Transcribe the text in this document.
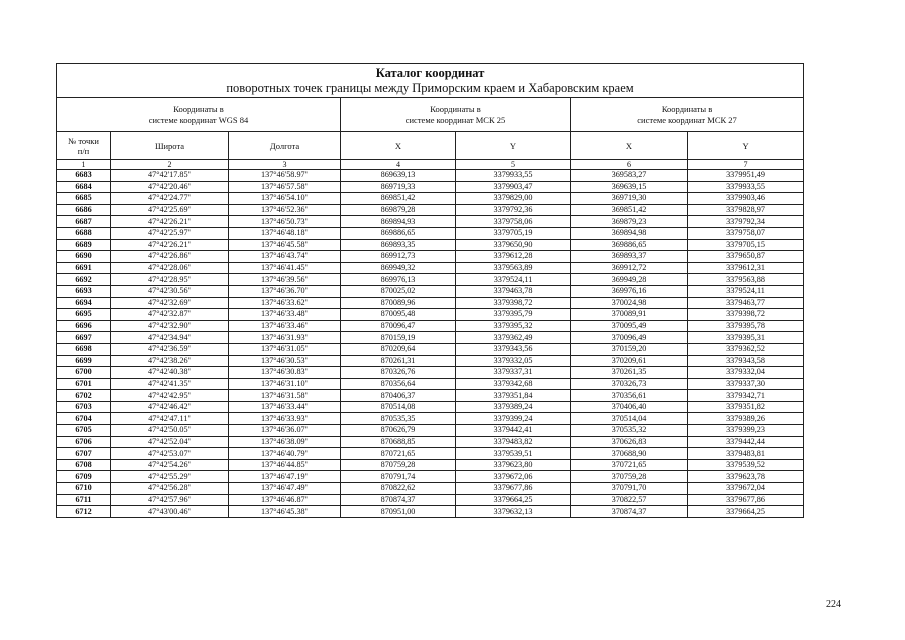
Каталог координат
поворотных точек границы между Приморским краем и Хабаровским краем						

Координаты в
системе координат WGS 84			Координаты в
системе координат МСК 25		Координаты в
системе координат МСК 27	
№ точки
п/п	Широта	Долгота	X	Y	X	Y
1	2	3	4	5	6	7
6683	47°42'17.85"	137°46'58.97"	869639,13	3379933,55	369583,27	3379951,49
6684	47°42'20.46"	137°46'57.58"	869719,33	3379903,47	369639,15	3379933,55
6685	47°42'24.77"	137°46'54.10"	869851,42	3379829,00	369719,30	3379903,46
6686	47°42'25.69"	137°46'52.36"	869879,28	3379792,36	369851,42	3379828,97
6687	47°42'26.21"	137°46'50.73"	869894,93	3379758,06	369879,23	3379792,34
6688	47°42'25.97"	137°46'48.18"	869886,65	3379705,19	369894,98	3379758,07
6689	47°42'26.21"	137°46'45.58"	869893,35	3379650,90	369886,65	3379705,15
6690	47°42'26.86"	137°46'43.74"	869912,73	3379612,28	369893,37	3379650,87
6691	47°42'28.06"	137°46'41.45"	869949,32	3379563,89	369912,72	3379612,31
6692	47°42'28.95"	137°46'39.56"	869976,13	3379524,11	369949,28	3379563,88
6693	47°42'30.56"	137°46'36.70"	870025,02	3379463,78	369976,16	3379524,11
6694	47°42'32.69"	137°46'33.62"	870089,96	3379398,72	370024,98	3379463,77
6695	47°42'32.87"	137°46'33.48"	870095,48	3379395,79	370089,91	3379398,72
6696	47°42'32.90"	137°46'33.46"	870096,47	3379395,32	370095,49	3379395,78
6697	47°42'34.94"	137°46'31.93"	870159,19	3379362,49	370096,49	3379395,31
6698	47°42'36.59"	137°46'31.05"	870209,64	3379343,56	370159,20	3379362,52
6699	47°42'38.26"	137°46'30.53"	870261,31	3379332,05	370209,61	3379343,58
6700	47°42'40.38"	137°46'30.83"	870326,76	3379337,31	370261,35	3379332,04
6701	47°42'41.35"	137°46'31.10"	870356,64	3379342,68	370326,73	3379337,30
6702	47°42'42.95"	137°46'31.58"	870406,37	3379351,84	370356,61	3379342,71
6703	47°42'46.42"	137°46'33.44"	870514,08	3379389,24	370406,40	3379351,82
6704	47°42'47.11"	137°46'33.93"	870535,35	3379399,24	370514,04	3379389,26
6705	47°42'50.05"	137°46'36.07"	870626,79	3379442,41	370535,32	3379399,23
6706	47°42'52.04"	137°46'38.09"	870688,85	3379483,82	370626,83	3379442,44
6707	47°42'53.07"	137°46'40.79"	870721,65	3379539,51	370688,90	3379483,81
6708	47°42'54.26"	137°46'44.85"	870759,28	3379623,80	370721,65	3379539,52
6709	47°42'55.29"	137°46'47.19"	870791,74	3379672,06	370759,28	3379623,78
6710	47°42'56.28"	137°46'47.49"	870822,62	3379677,86	370791,70	3379672,04
6711	47°42'57.96"	137°46'46.87"	870874,37	3379664,25	370822,57	3379677,86
6712	47°43'00.46"	137°46'45.38"	870951,00	3379632,13	370874,37	3379664,25
224
